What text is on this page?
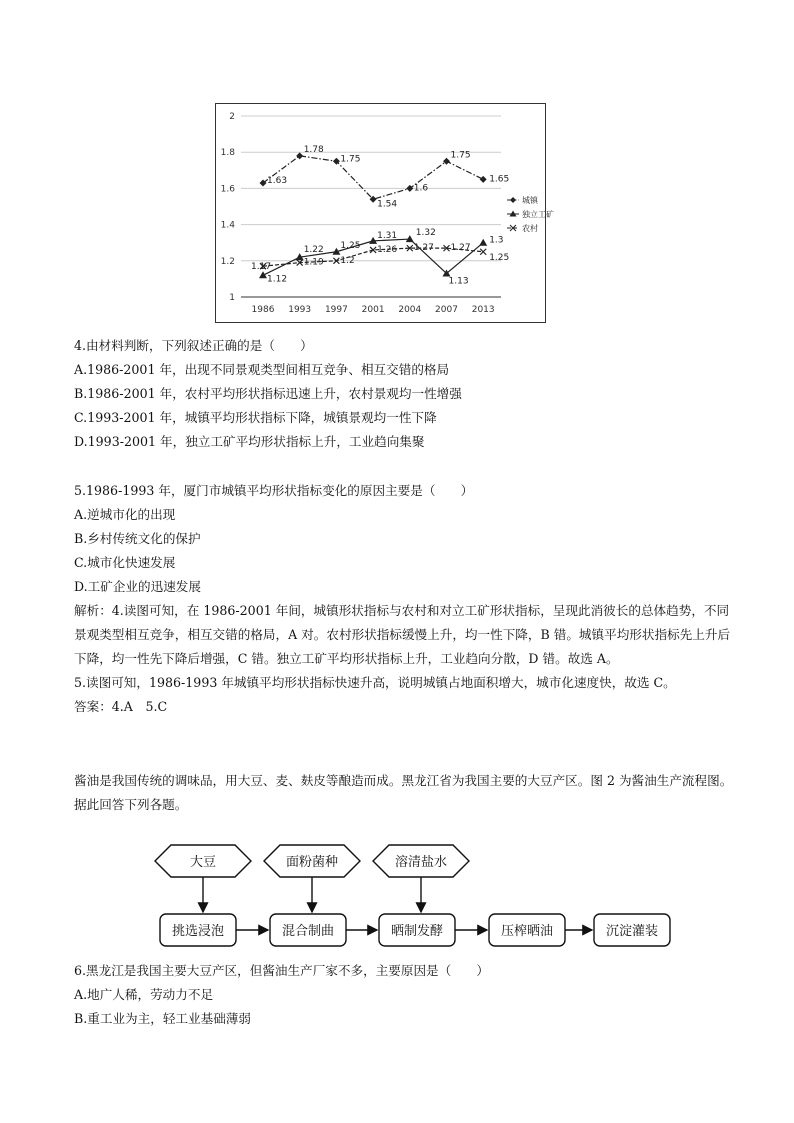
1
1.2
1.4
1.6
1.8
2
1986 1993 1997 2001 2004 2007 2013
1.63
1.78
1.75
1.54
1.6
1.75
1.65
1.12
1.22 1.25
1.31 1.32
1.13
1.3
1.17	1.19 1.2
1.26 1.27 1.27
1.25
城镇
独立工矿
农村
4.由材料判断，下列叙述正确的是（　　）
A.1986-2001 年，出现不同景观类型间相互竞争、相互交错的格局
B.1986-2001 年，农村平均形状指标迅速上升，农村景观均一性增强
C.1993-2001 年，城镇平均形状指标下降，城镇景观均一性下降
D.1993-2001 年，独立工矿平均形状指标上升，工业趋向集聚
5.1986-1993 年，厦门市城镇平均形状指标变化的原因主要是（　　）
A.逆城市化的出现
B.乡村传统文化的保护
C.城市化快速发展
D.工矿企业的迅速发展
解析：4.读图可知，在 1986-2001 年间，城镇形状指标与农村和对立工矿形状指标，呈现此消彼长的总体趋势，不同景观类型相互竞争，相互交错的格局，A 对。农村形状指标缓慢上升，均一性下降，B 错。城镇平均形状指标先上升后下降，均一性先下降后增强，C 错。独立工矿平均形状指标上升，工业趋向分散，D 错。故选 A。
5.读图可知，1986-1993 年城镇平均形状指标快速升高，说明城镇占地面积增大，城市化速度快，故选 C。
答案：4.A　5.C
酱油是我国传统的调味品，用大豆、麦、麸皮等酿造而成。黑龙江省为我国主要的大豆产区。图 2 为酱油生产流程图。据此回答下列各题。
大豆	面粉菌种	溶清盐水
挑选浸泡	混合制曲	晒制发酵	压榨晒油	沉淀灌装
6.黑龙江是我国主要大豆产区，但酱油生产厂家不多，主要原因是（　　）
A.地广人稀，劳动力不足
B.重工业为主，轻工业基础薄弱
